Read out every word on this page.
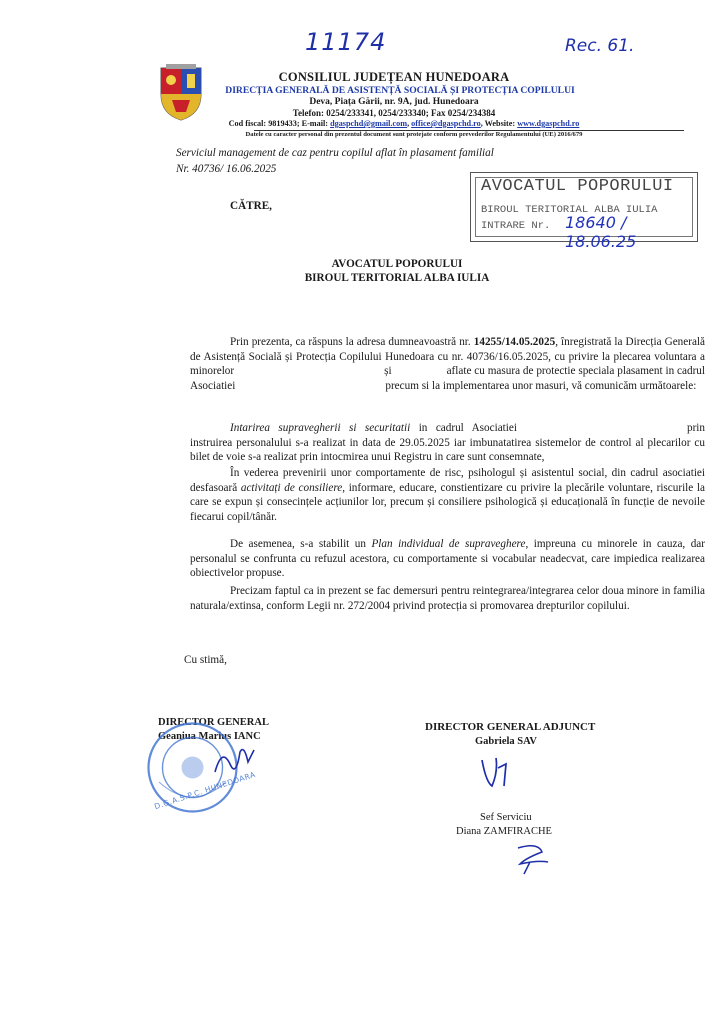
11174	Rec. 61.
CONSILIUL JUDEȚEAN HUNEDOARA
DIRECȚIA GENERALĂ DE ASISTENȚĂ SOCIALĂ ȘI PROTECȚIA COPILULUI
Deva, Piața Gării, nr. 9A, jud. Hunedoara
Telefon: 0254/233341, 0254/233340; Fax 0254/234384
Cod fiscal: 9819433; E-mail: dgaspchd@gmail.com, office@dgaspchd.ro, Website: www.dgaspchd.ro
Datele cu caracter personal din prezentul document sunt protejate conform prevederilor Regulamentului (UE) 2016/679
Serviciul management de caz pentru copilul aflat în plasament familial
Nr. 40736/ 16.06.2025
CĂTRE,
AVOCATUL POPORULUI
BIROUL TERITORIAL ALBA IULIA
INTRARE Nr. 18640 / 18.06.25
AVOCATUL POPORULUI
BIROUL TERITORIAL ALBA IULIA
Prin prezenta, ca răspuns la adresa dumneavoastră nr. 14255/14.05.2025, înregistrată la Direcția Generală de Asistență Socială și Protecția Copilului Hunedoara cu nr. 40736/16.05.2025, cu privire la plecarea voluntara a minorelor	și	aflate cu masura de protectie speciala plasament in cadrul Asociatiei	precum si la implementarea unor masuri, vă comunicăm următoarele:
Intarirea supravegherii si securitatii in cadrul Asociatiei	prin instruirea personalului s-a realizat in data de 29.05.2025 iar imbunatatirea sistemelor de control al plecarilor cu bilet de voie s-a realizat prin intocmirea unui Registru in care sunt consemnate,
În vederea prevenirii unor comportamente de risc, psihologul și asistentul social, din cadrul asociatiei desfasoară activitați de consiliere, informare, educare, constientizare cu privire la plecările voluntare, riscurile la care se expun și consecințele acțiunilor lor, precum și consiliere psihologică și educațională în funcție de nevoile fiecarui copil/tânăr.
De asemenea, s-a stabilit un Plan individual de supraveghere, impreuna cu minorele in cauza, dar personalul se confrunta cu refuzul acestora, cu comportamente si vocabular neadecvat, care impiedica realizarea obiectivelor propuse.
Precizam faptul ca in prezent se fac demersuri pentru reintegrarea/integrarea celor doua minore in familia naturala/extinsa, conform Legii nr. 272/2004 privind protecția si promovarea drepturilor copilului.
Cu stimă,
DIRECTOR GENERAL
Geaniua Marius IANC
D.G.A.S.P.C. HUNEDOARA
DIRECTOR GENERAL ADJUNCT
Gabriela SAV
Sef Serviciu
Diana ZAMFIRACHE
